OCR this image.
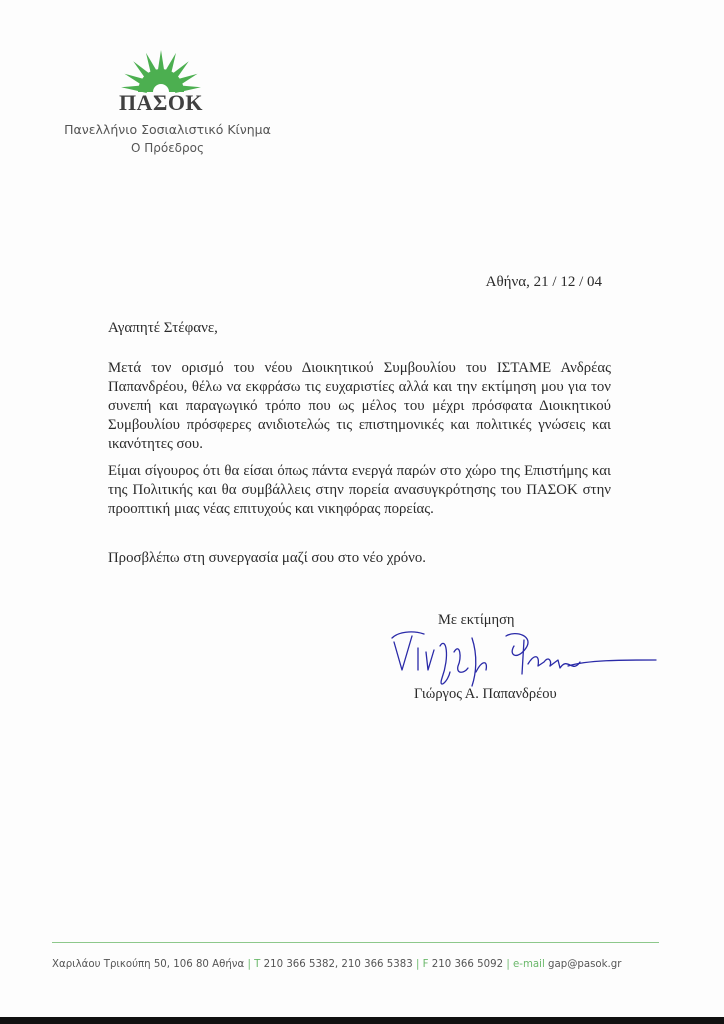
ΠΑΣΟΚ
Πανελλήνιο Σοσιαλιστικό Κίνημα
Ο Πρόεδρος
Αθήνα, 21 / 12 / 04
Αγαπητέ Στέφανε,

Μετά τον ορισμό του νέου Διοικητικού Συμβουλίου του ΙΣΤΑΜΕ Ανδρέας Παπανδρέου, θέλω να εκφράσω τις ευχαριστίες αλλά και την εκτίμηση μου για τον συνεπή και παραγωγικό τρόπο που ως μέλος του μέχρι πρόσφατα Διοικητικού Συμβουλίου πρόσφερες ανιδιοτελώς τις επιστημονικές και πολιτικές γνώσεις και ικανότητες σου.

Είμαι σίγουρος ότι θα είσαι όπως πάντα ενεργά παρών στο χώρο της Επιστήμης και της Πολιτικής και θα συμβάλλεις στην πορεία ανασυγκρότησης του ΠΑΣΟΚ στην προοπτική μιας νέας επιτυχούς και νικηφόρας πορείας.

Προσβλέπω στη συνεργασία μαζί σου στο νέο χρόνο.

Με εκτίμηση
Γιώργος Α. Παπανδρέου
Χαριλάου Τρικούπη 50, 106 80 Αθήνα | T 210 366 5382, 210 366 5383 | F 210 366 5092 | e-mail gap@pasok.gr
